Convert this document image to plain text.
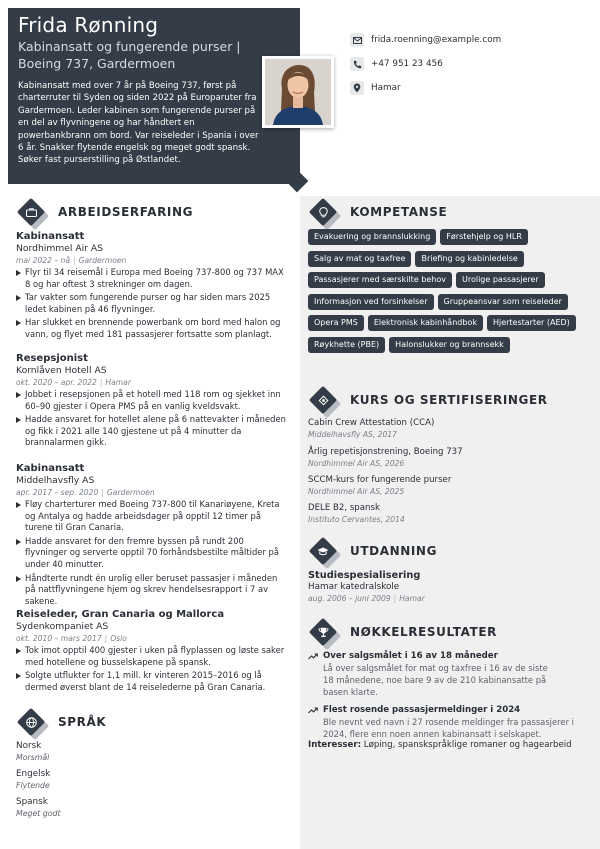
Frida Rønning
Kabinansatt og fungerende purser |
Boeing 737, Gardermoen
Kabinansatt med over 7 år på Boeing 737, først på charterruter til Syden og siden 2022 på Europaruter fra Gardermoen. Leder kabinen som fungerende purser på en del av flyvningene og har håndtert en powerbankbrann om bord. Var reiseleder i Spania i over 6 år. Snakker flytende engelsk og meget godt spansk. Søker fast purserstilling på Østlandet.
frida.roenning@example.com
+47 951 23 456
Hamar
ARBEIDSERFARING
Kabinansatt
Nordhimmel Air AS
mai 2022 – nå | Gardermoen
Flyr til 34 reisemål i Europa med Boeing 737-800 og 737 MAX 8 og har oftest 3 strekninger om dagen.
Tar vakter som fungerende purser og har siden mars 2025 ledet kabinen på 46 flyvninger.
Har slukket en brennende powerbank om bord med halon og vann, og flyet med 181 passasjerer fortsatte som planlagt.
Resepsjonist
Kornlåven Hotell AS
okt. 2020 – apr. 2022 | Hamar
Jobbet i resepsjonen på et hotell med 118 rom og sjekket inn 60–90 gjester i Opera PMS på en vanlig kveldsvakt.
Hadde ansvaret for hotellet alene på 6 nattevakter i måneden og fikk i 2021 alle 140 gjestene ut på 4 minutter da brannalarmen gikk.
Kabinansatt
Middelhavsfly AS
apr. 2017 – sep. 2020 | Gardermoen
Fløy charterturer med Boeing 737-800 til Kanariøyene, Kreta og Antalya og hadde arbeidsdager på opptil 12 timer på turene til Gran Canaria.
Hadde ansvaret for den fremre byssen på rundt 200 flyvninger og serverte opptil 70 forhåndsbestilte måltider på under 40 minutter.
Håndterte rundt én urolig eller beruset passasjer i måneden på nattflyvningene hjem og skrev hendelsesrapport i 7 av sakene.
Reiseleder, Gran Canaria og Mallorca
Sydenkompaniet AS
okt. 2010 – mars 2017 | Oslo
Tok imot opptil 400 gjester i uken på flyplassen og løste saker med hotellene og busselskapene på spansk.
Solgte utflukter for 1,1 mill. kr vinteren 2015–2016 og lå dermed øverst blant de 14 reiselederne på Gran Canaria.
SPRÅK
Norsk
Morsmål
Engelsk
Flytende
Spansk
Meget godt
KOMPETANSE
Evakuering og brannslukking	Førstehjelp og HLR
Salg av mat og taxfree	Briefing og kabinledelse
Passasjerer med særskilte behov	Urolige passasjerer
Informasjon ved forsinkelser	Gruppeansvar som reiseleder
Opera PMS	Elektronisk kabinhåndbok	Hjertestarter (AED)
Røykhette (PBE)	Halonslukker og brannsekk
KURS OG SERTIFISERINGER
Cabin Crew Attestation (CCA)
Middelhavsfly AS, 2017
Årlig repetisjonstrening, Boeing 737
Nordhimmel Air AS, 2026
SCCM-kurs for fungerende purser
Nordhimmel Air AS, 2025
DELE B2, spansk
Instituto Cervantes, 2014
UTDANNING
Studiespesialisering
Hamar katedralskole
aug. 2006 – juni 2009 | Hamar
NØKKELRESULTATER
Over salgsmålet i 16 av 18 måneder
Lå over salgsmålet for mat og taxfree i 16 av de siste
18 månedene, noe bare 9 av de 210 kabinansatte på
basen klarte.
Flest rosende passasjermeldinger i 2024
Ble nevnt ved navn i 27 rosende meldinger fra passasjerer i
2024, flere enn noen annen kabinansatt i selskapet.
Interesser: Løping, spanskspråklige romaner og hagearbeid
